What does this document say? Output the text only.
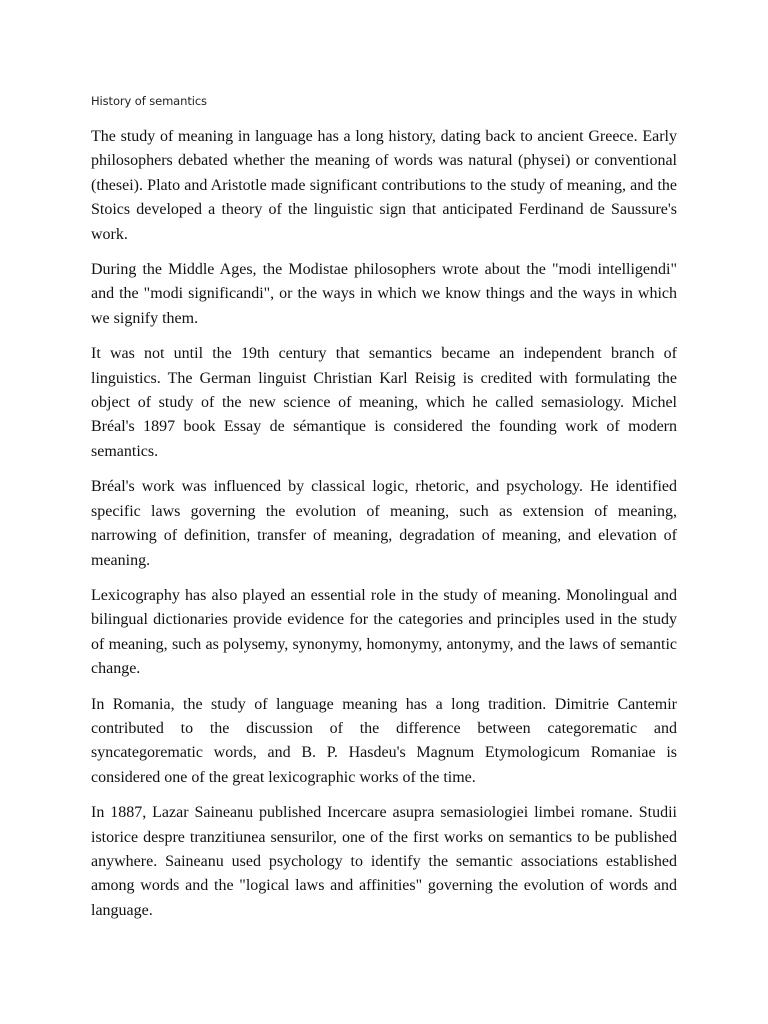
History of semantics

The study of meaning in language has a long history, dating back to ancient Greece. Early philosophers debated whether the meaning of words was natural (physei) or conventional (thesei). Plato and Aristotle made significant contributions to the study of meaning, and the Stoics developed a theory of the linguistic sign that anticipated Ferdinand de Saussure's work.

During the Middle Ages, the Modistae philosophers wrote about the "modi intelligendi" and the "modi significandi", or the ways in which we know things and the ways in which we signify them.

It was not until the 19th century that semantics became an independent branch of linguistics. The German linguist Christian Karl Reisig is credited with formulating the object of study of the new science of meaning, which he called semasiology. Michel Bréal's 1897 book Essay de sémantique is considered the founding work of modern semantics.

Bréal's work was influenced by classical logic, rhetoric, and psychology. He identified specific laws governing the evolution of meaning, such as extension of meaning, narrowing of definition, transfer of meaning, degradation of meaning, and elevation of meaning.

Lexicography has also played an essential role in the study of meaning. Monolingual and bilingual dictionaries provide evidence for the categories and principles used in the study of meaning, such as polysemy, synonymy, homonymy, antonymy, and the laws of semantic change.

In Romania, the study of language meaning has a long tradition. Dimitrie Cantemir contributed to the discussion of the difference between categorematic and syncategorematic words, and B. P. Hasdeu's Magnum Etymologicum Romaniae is considered one of the great lexicographic works of the time.

In 1887, Lazar Saineanu published Incercare asupra semasiologiei limbei romane. Studii istorice despre tranzitiunea sensurilor, one of the first works on semantics to be published anywhere. Saineanu used psychology to identify the semantic associations established among words and the "logical laws and affinities" governing the evolution of words and language.
